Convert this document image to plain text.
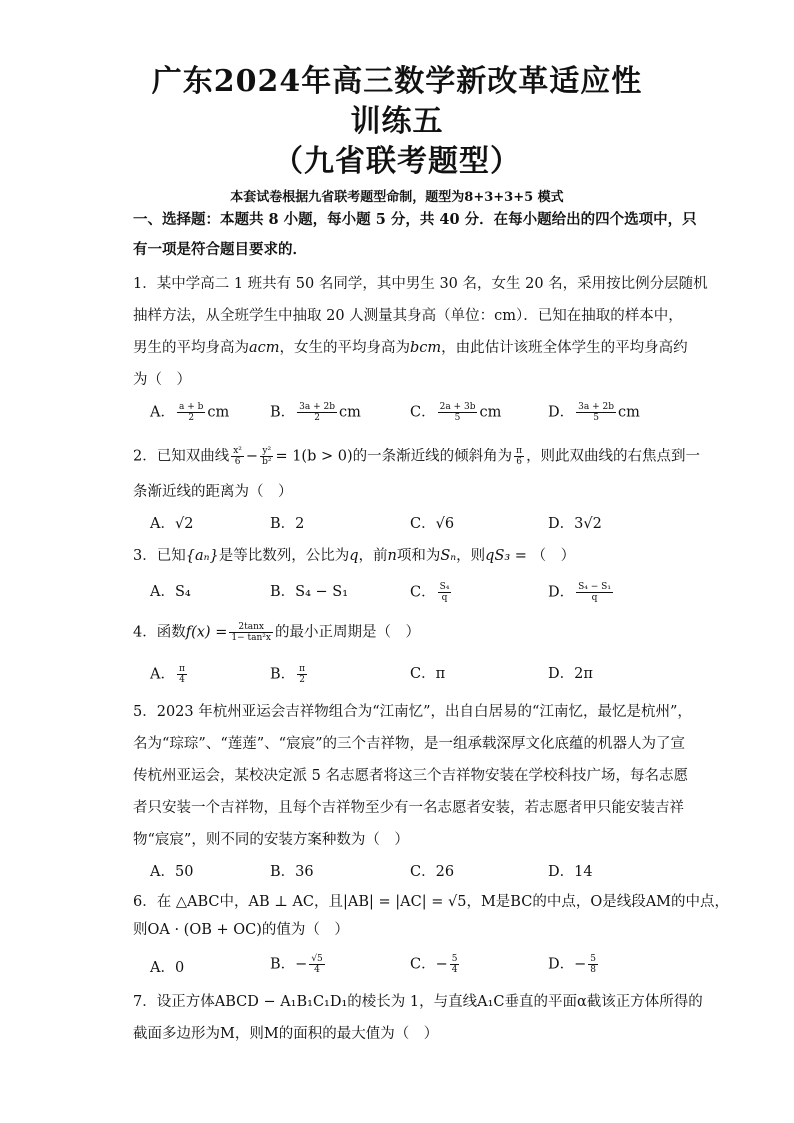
广东2024年高三数学新改革适应性
训练五
（九省联考题型）
本套试卷根据九省联考题型命制，题型为8+3+3+5 模式
一、选择题：本题共 8 小题，每小题 5 分，共 40 分．在每小题给出的四个选项中，只
有一项是符合题目要求的．
1．某中学高二 1 班共有 50 名同学，其中男生 30 名，女生 20 名，采用按比例分层随机
抽样方法，从全班学生中抽取 20 人测量其身高（单位：cm）．已知在抽取的样本中，
男生的平均身高为acm，女生的平均身高为bcm，由此估计该班全体学生的平均身高约
为（　）
A． $\frac{a + b}{2}$ cm	B． $\frac{3a + 2b}{2}$ cm	C． $\frac{2a + 3b}{5}$ cm	D． $\frac{3a + 2b}{5}$ cm
2．已知双曲线 $\frac{\text{x²}}{6} - \frac{\text{y²}}{\text{b²}} = 1(b > 0)$的一条渐近线的倾斜角为 $\frac{\pi}{6}$ ，则此双曲线的右焦点到一
条渐近线的距离为（　）
A．√2	B．2	C．√6	D．3√2
3．已知{aₙ}是等比数列，公比为q，前n项和为Sₙ，则qS₃ = （　）
A．S₄	B．S₄ − S₁	C． $\frac{\text{S₄}}{q}$	D． $\frac{\text{S₄ − S₁}}{q}$
4．函数$f(x) = \frac{2\tan x}{\text{1− tan²x}}$ 的最小正周期是（　）
A． $\frac{\pi}{4}$	B． $\frac{\pi}{2}$	C．π	D．2π
5．2023 年杭州亚运会吉祥物组合为“江南忆”，出自白居易的“江南忆，最忆是杭州”，
名为“琮琮”、“莲莲”、“宸宸”的三个吉祥物，是一组承载深厚文化底蕴的机器人为了宣
传杭州亚运会，某校决定派 5 名志愿者将这三个吉祥物安装在学校科技广场，每名志愿
者只安装一个吉祥物，且每个吉祥物至少有一名志愿者安装，若志愿者甲只能安装吉祥
物“宸宸”，则不同的安装方案种数为（　）
A．50	B．36	C．26	D．14
6．在 △ABC中，AB ⊥ AC，且|AB| = |AC| = √5，M是BC的中点，O是线段AM的中点，
则OA · (OB + OC)的值为（　）
A．0	B．− $\frac{√5}{4}$	C．− $\frac{5}{4}$	D．− $\frac{5}{8}$
7．设正方体ABCD − A₁B₁C₁D₁的棱长为 1，与直线A₁C垂直的平面α截该正方体所得的
截面多边形为M，则M的面积的最大值为（　）
